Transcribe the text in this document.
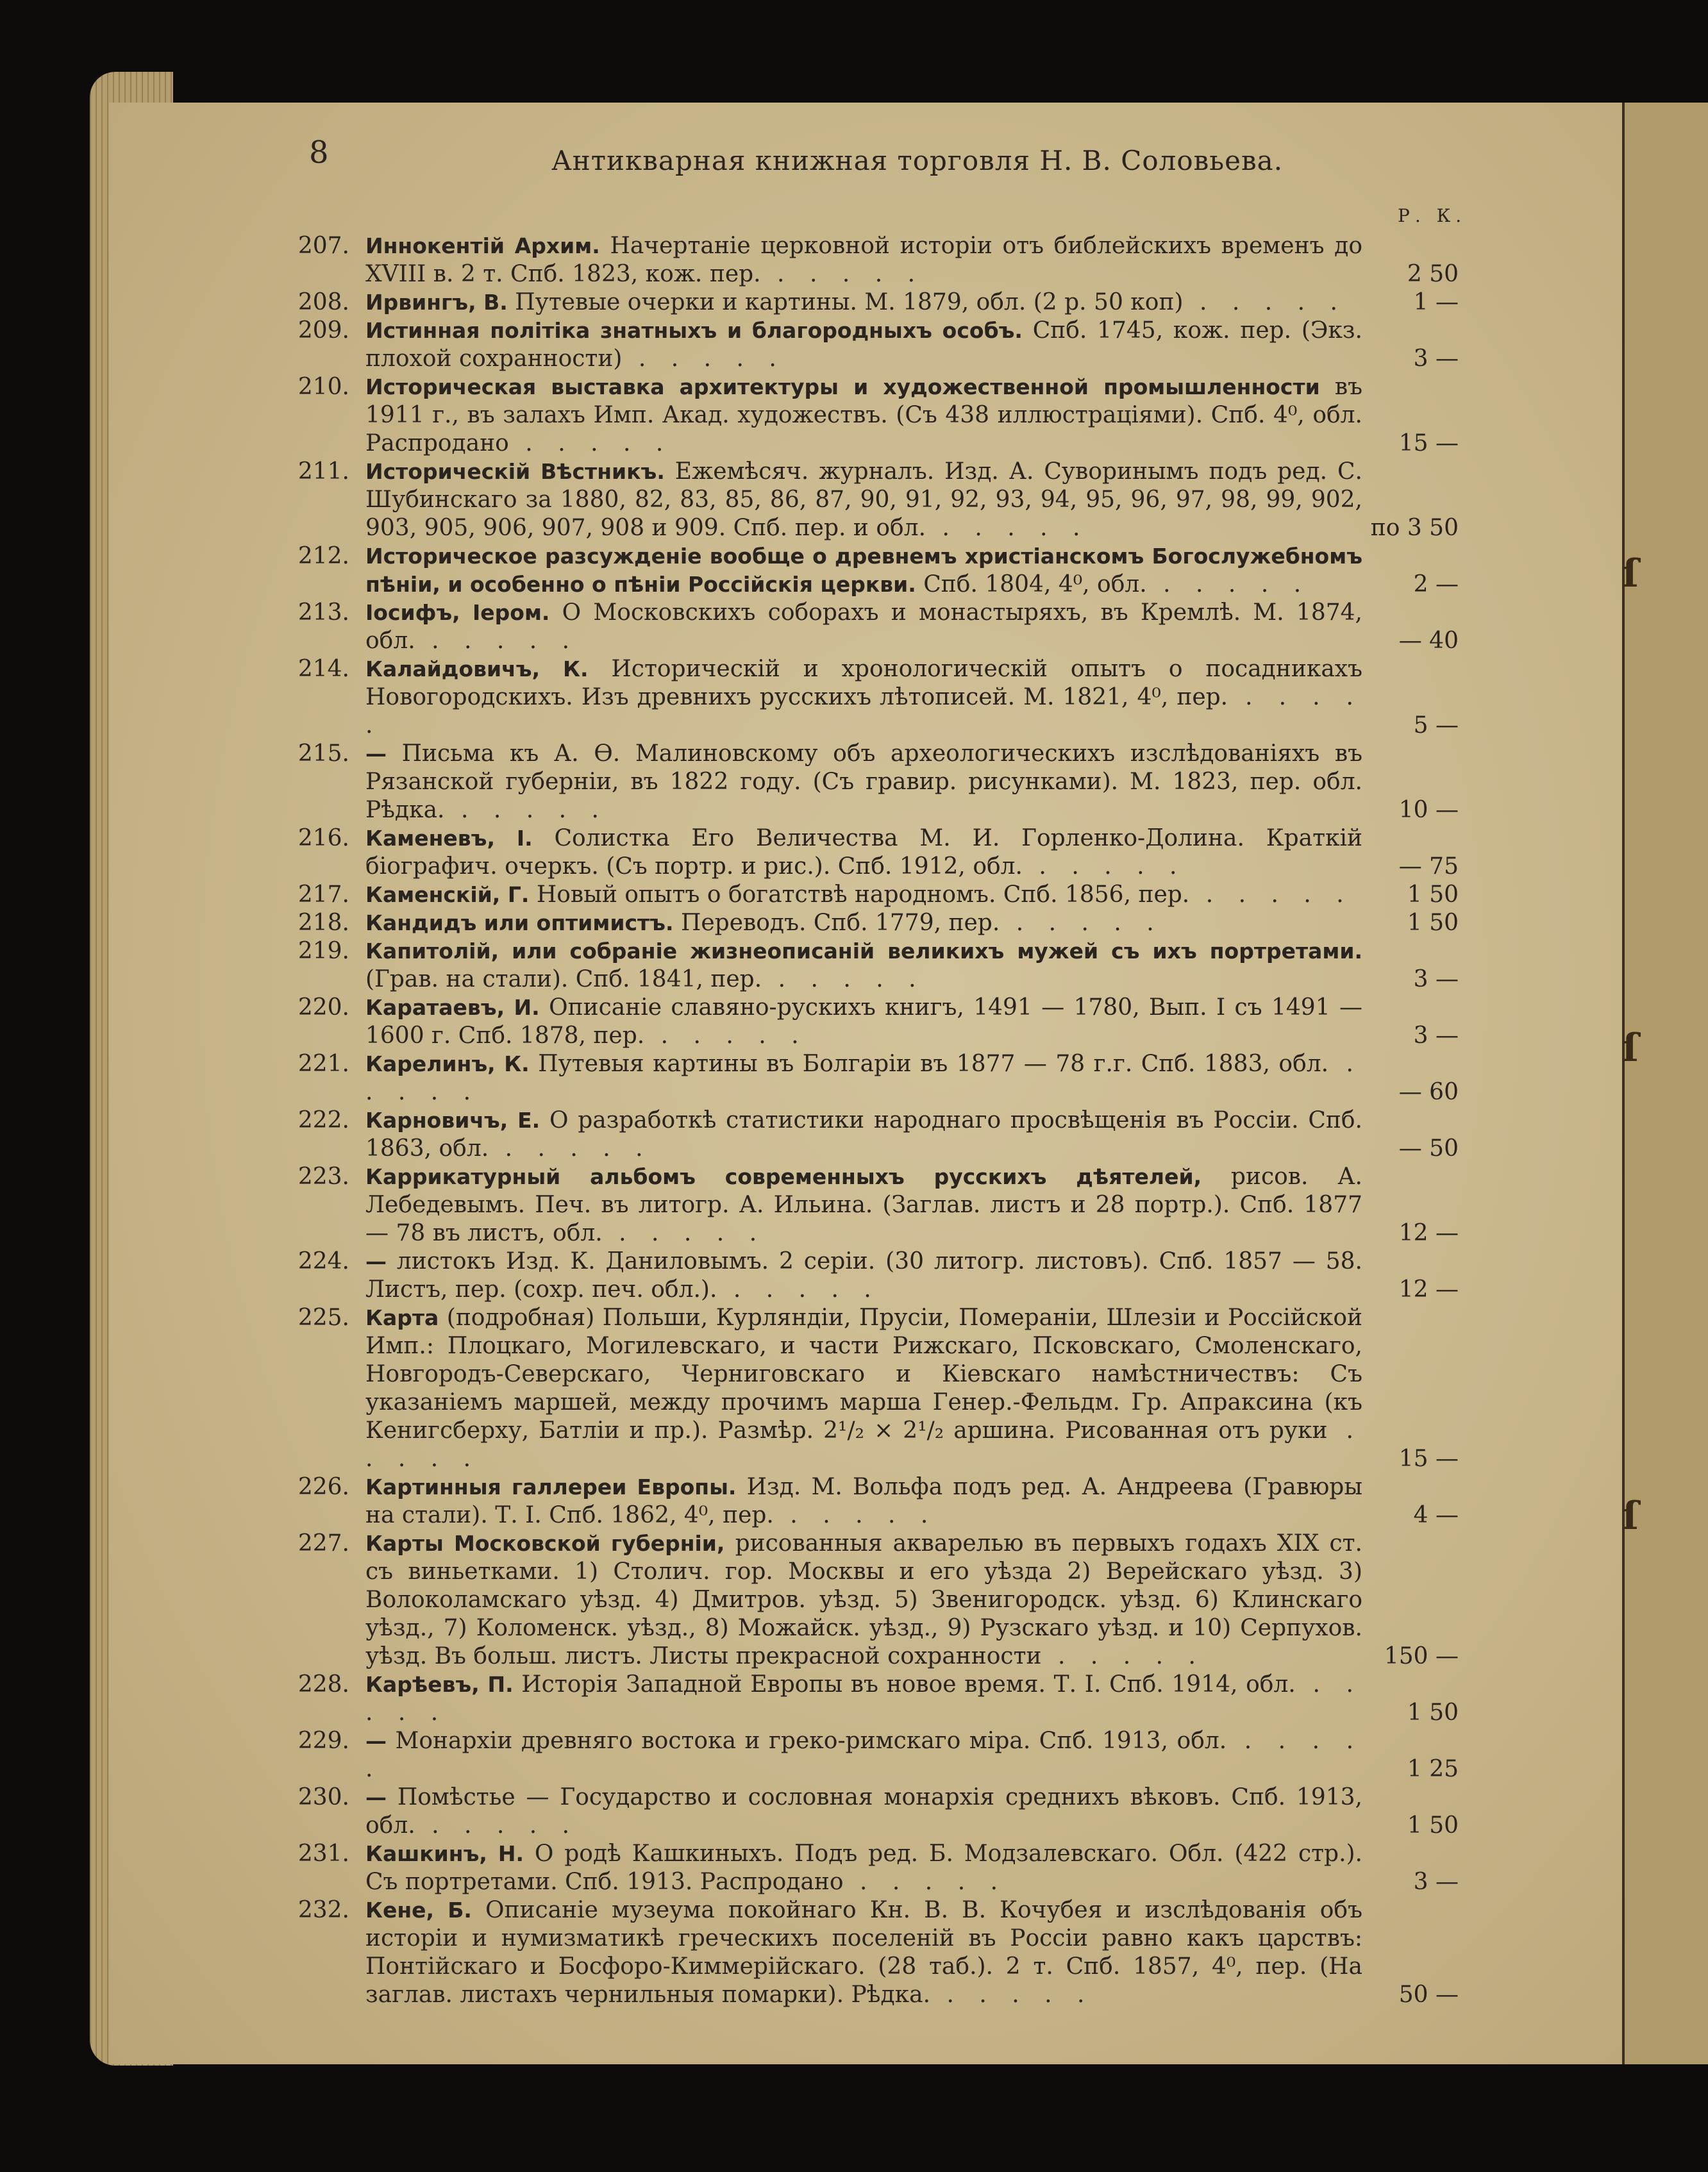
ſ
ſ
ſ
8	Антикварная книжная торговля Н. В. Соловьева.
Р. К.
207. Иннокентій Архим. Начертаніе церковной исторіи отъ библейскихъ временъ до XVIII в. 2 т. Спб. 1823, кож. пер. . . . . .	2 50
208. Ирвингъ, В. Путевые очерки и картины. М. 1879, обл. (2 р. 50 коп) . . . . .	1 —
209. Истинная політіка знатныхъ и благородныхъ особъ. Спб. 1745, кож. пер. (Экз. плохой сохранности) . . . . .	3 —
210. Историческая выставка архитектуры и художественной промышленности въ 1911 г., въ залахъ Имп. Акад. художествъ. (Съ 438 иллюстраціями). Спб. 4⁰, обл. Распродано . . . . .	15 —
211. Историческій Вѣстникъ. Ежемѣсяч. журналъ. Изд. А. Суворинымъ подъ ред. С. Шубинскаго за 1880, 82, 83, 85, 86, 87, 90, 91, 92, 93, 94, 95, 96, 97, 98, 99, 902, 903, 905, 906, 907, 908 и 909. Спб. пер. и обл. . . . . .	по 3 50
212. Историческое разсужденіе вообще о древнемъ христіанскомъ Богослужебномъ пѣніи, и особенно о пѣніи Россійскія церкви. Спб. 1804, 4⁰, обл. . . . . .	2 —
213. Іосифъ, Іером. О Московскихъ соборахъ и монастыряхъ, въ Кремлѣ. М. 1874, обл. . . . . .	— 40
214. Калайдовичъ, К. Историческій и хронологическій опытъ о посадникахъ Новогородскихъ. Изъ древнихъ русскихъ лѣтописей. М. 1821, 4⁰, пер. . . . . .	5 —
215. — Письма къ А. Ѳ. Малиновскому объ археологическихъ изслѣдованіяхъ въ Рязанской губерніи, въ 1822 году. (Съ гравир. рисунками). М. 1823, пер. обл. Рѣдка. . . . . .	10 —
216. Каменевъ, І. Солистка Его Величества М. И. Горленко-Долина. Краткій біографич. очеркъ. (Съ портр. и рис.). Спб. 1912, обл. . . . . .	— 75
217. Каменскій, Г. Новый опытъ о богатствѣ народномъ. Спб. 1856, пер. . . . . .	1 50
218. Кандидъ или оптимистъ. Переводъ. Спб. 1779, пер. . . . . .	1 50
219. Капитолій, или собраніе жизнеописаній великихъ мужей съ ихъ портретами. (Грав. на стали). Спб. 1841, пер. . . . . .	3 —
220. Каратаевъ, И. Описаніе славяно-рускихъ книгъ, 1491 — 1780, Вып. I съ 1491 — 1600 г. Спб. 1878, пер. . . . . .	3 —
221. Карелинъ, К. Путевыя картины въ Болгаріи въ 1877 — 78 г.г. Спб. 1883, обл. . . . . .	— 60
222. Карновичъ, Е. О разработкѣ статистики народнаго просвѣщенія въ Россіи. Спб. 1863, обл. . . . . .	— 50
223. Каррикатурный альбомъ современныхъ русскихъ дѣятелей, рисов. А. Лебедевымъ. Печ. въ литогр. А. Ильина. (Заглав. листъ и 28 портр.). Спб. 1877 — 78 въ листъ, обл. . . . . .	12 —
224. — листокъ Изд. К. Даниловымъ. 2 серіи. (30 литогр. листовъ). Спб. 1857 — 58. Листъ, пер. (сохр. печ. обл.). . . . . .	12 —
225. Карта (подробная) Польши, Курляндіи, Прусіи, Помераніи, Шлезіи и Россійской Имп.: Плоцкаго, Могилевскаго, и части Рижскаго, Псковскаго, Смоленскаго, Новгородъ-Северскаго, Черниговскаго и Кіевскаго намѣстничествъ: Съ указаніемъ маршей, между прочимъ марша Генер.-Фельдм. Гр. Апраксина (къ Кенигсберху, Батліи и пр.). Размѣр. 2¹/₂ × 2¹/₂ аршина. Рисованная отъ руки . . . . .	15 —
226. Картинныя галлереи Европы. Изд. М. Вольфа подъ ред. А. Андреева (Гравюры на стали). Т. I. Спб. 1862, 4⁰, пер. . . . . .	4 —
227. Карты Московской губерніи, рисованныя акварелью въ первыхъ годахъ XIX ст. съ виньетками. 1) Столич. гор. Москвы и его уѣзда 2) Верейскаго уѣзд. 3) Волоколамскаго уѣзд. 4) Дмитров. уѣзд. 5) Звенигородск. уѣзд. 6) Клинскаго уѣзд., 7) Коломенск. уѣзд., 8) Можайск. уѣзд., 9) Рузскаго уѣзд. и 10) Серпухов. уѣзд. Въ больш. листъ. Листы прекрасной сохранности . . . . .	150 —
228. Карѣевъ, П. Исторія Западной Европы въ новое время. Т. I. Спб. 1914, обл. . . . . .	1 50
229. — Монархіи древняго востока и греко-римскаго міра. Спб. 1913, обл. . . . . .	1 25
230. — Помѣстье — Государство и сословная монархія среднихъ вѣковъ. Спб. 1913, обл. . . . . .	1 50
231. Кашкинъ, Н. О родѣ Кашкиныхъ. Подъ ред. Б. Модзалевскаго. Обл. (422 стр.). Съ портретами. Спб. 1913. Распродано . . . . .	3 —
232. Кене, Б. Описаніе музеума покойнаго Кн. В. В. Кочубея и изслѣдованія объ исторіи и нумизматикѣ греческихъ поселеній въ Россіи равно какъ царствъ: Понтійскаго и Босфоро-Киммерійскаго. (28 таб.). 2 т. Спб. 1857, 4⁰, пер. (На заглав. листахъ чернильныя помарки). Рѣдка. . . . . .	50 —
